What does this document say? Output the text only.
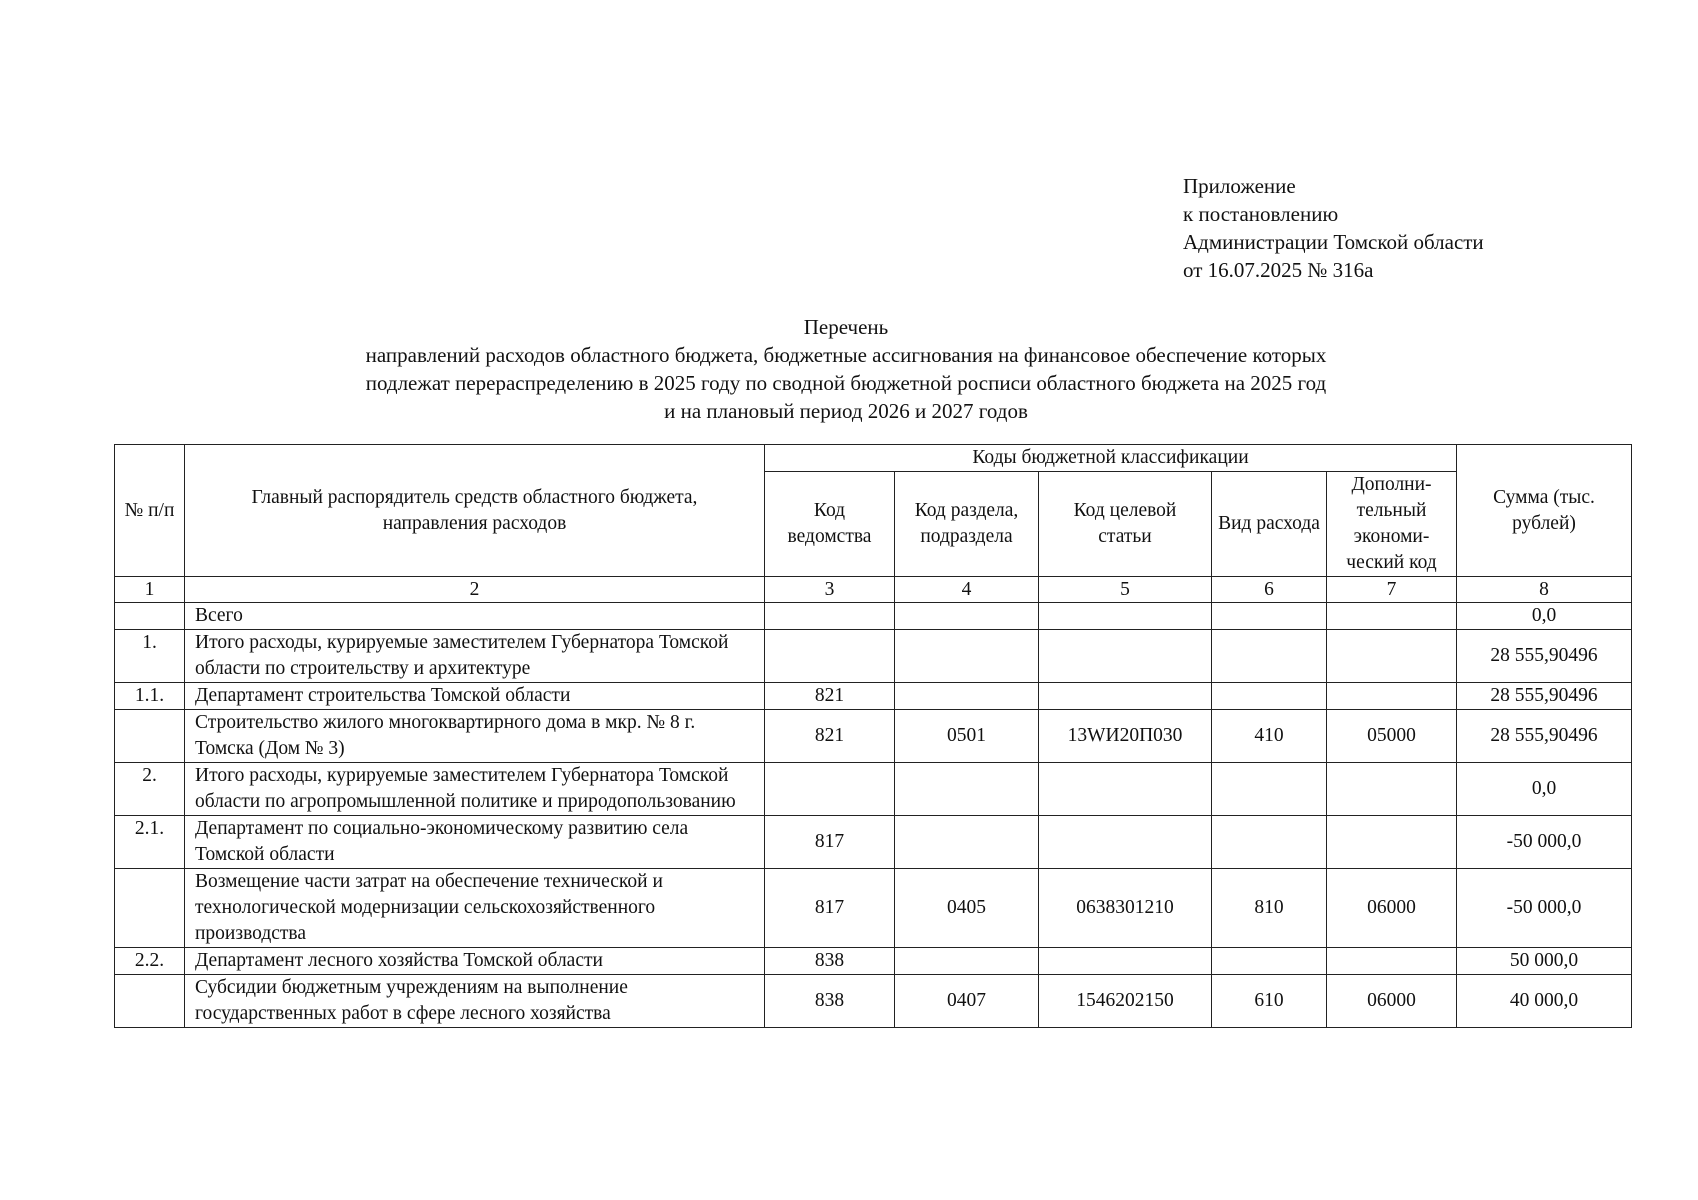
Приложение
к постановлению
Администрации Томской области
от 16.07.2025 № 316а
Перечень
направлений расходов областного бюджета, бюджетные ассигнования на финансовое обеспечение которых
подлежат перераспределению в 2025 году по сводной бюджетной росписи областного бюджета на 2025 год
и на плановый период 2026 и 2027 годов
№ п/п	Главный распорядитель средств областного бюджета, направления расходов	Коды бюджетной классификации					Сумма (тыс. рублей)
		Код ведомства	Код раздела, подраздела	Код целевой статьи	Вид расхода	Дополни-тельный экономи-ческий код	
1	2	3	4	5	6	7	8
	Всего						0,0
1.	Итого расходы, курируемые заместителем Губернатора Томской области по строительству и архитектуре						28 555,90496
1.1.	Департамент строительства Томской области	821					28 555,90496
	Строительство жилого многоквартирного дома в мкр. № 8 г. Томска (Дом № 3)	821	0501	13WИ20П030	410	05000	28 555,90496
2.	Итого расходы, курируемые заместителем Губернатора Томской области по агропромышленной политике и природопользованию						0,0
2.1.	Департамент по социально-экономическому развитию села Томской области	817					-50 000,0
	Возмещение части затрат на обеспечение технической и технологической модернизации сельскохозяйственного производства	817	0405	0638301210	810	06000	-50 000,0
2.2.	Департамент лесного хозяйства Томской области	838					50 000,0
	Субсидии бюджетным учреждениям на выполнение государственных работ в сфере лесного хозяйства	838	0407	1546202150	610	06000	40 000,0
